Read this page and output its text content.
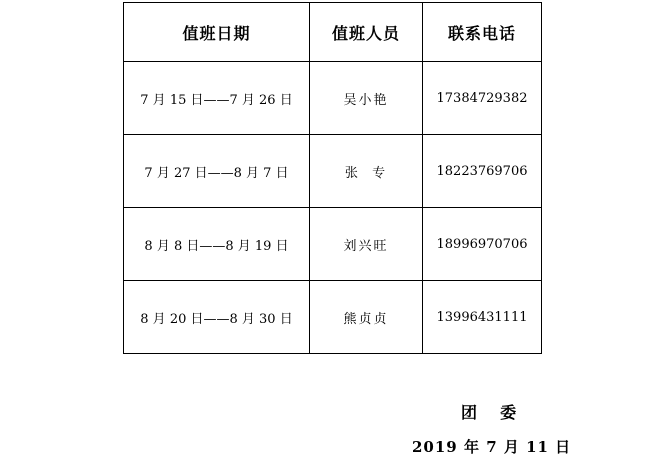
值班日期	值班人员	联系电话
7 月 15 日——7 月 26 日	吴小艳	17384729382
7 月 27 日——8 月 7 日	张  专	18223769706
8 月 8 日——8 月 19 日	刘兴旺	18996970706
8 月 20 日——8 月 30 日	熊贞贞	13996431111
团  委
2019 年 7 月 11 日
